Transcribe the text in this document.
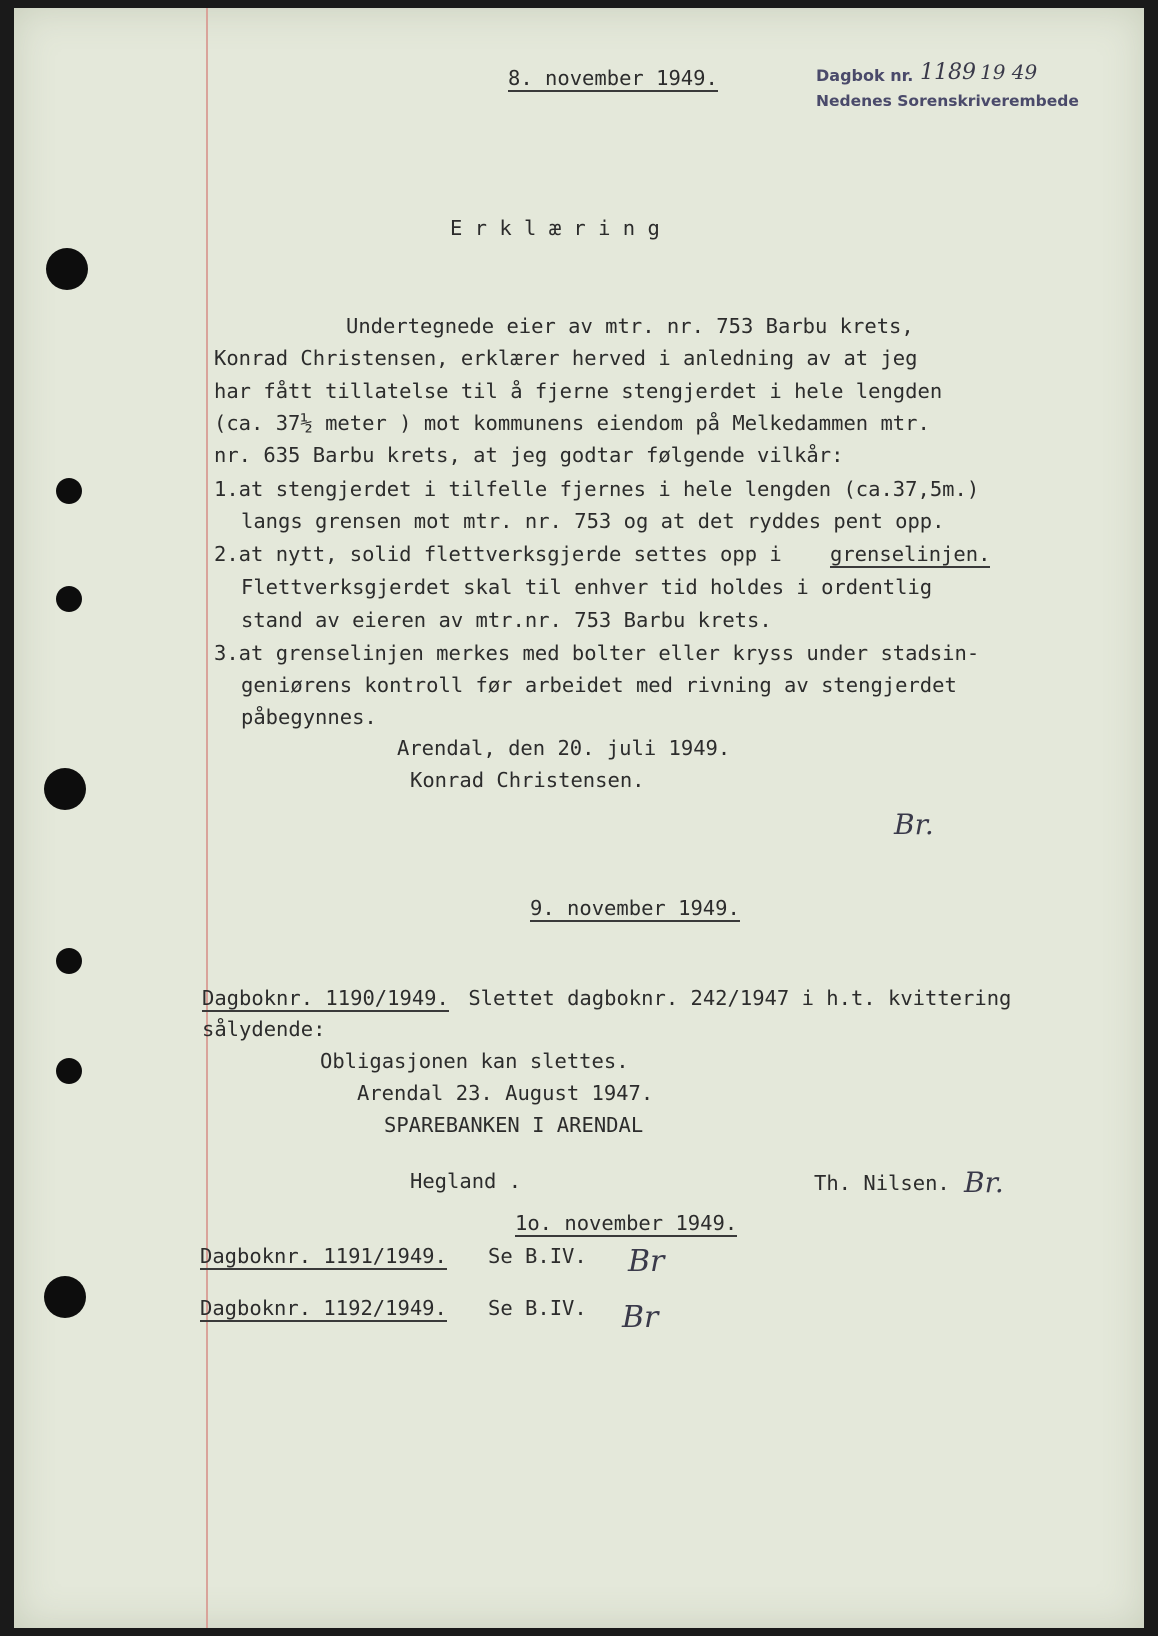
8. november 1949.	Dagbok nr. 1189 19 49
Nedenes Sorenskriverembede
E r k l æ r i n g
Undertegnede eier av mtr. nr. 753 Barbu krets,
Konrad Christensen, erklærer herved i anledning av at jeg
har fått tillatelse til å fjerne stengjerdet i hele lengden
(ca. 37½ meter ) mot kommunens eiendom på Melkedammen mtr.
nr. 635 Barbu krets, at jeg godtar følgende vilkår:
1.at stengjerdet i tilfelle fjernes i hele lengden (ca.37,5m.)
langs grensen mot mtr. nr. 753 og at det ryddes pent opp.
2.at nytt, solid flettverksgjerde settes opp i grenselinjen.
Flettverksgjerdet skal til enhver tid holdes i ordentlig
stand av eieren av mtr.nr. 753 Barbu krets.
3.at grenselinjen merkes med bolter eller kryss under stadsin-
geniørens kontroll før arbeidet med rivning av stengjerdet
påbegynnes.
Arendal, den 20. juli 1949.
Konrad Christensen.
Br.
9. november 1949.
Dagboknr. 1190/1949. Slettet dagboknr. 242/1947 i h.t. kvittering
sålydende:
Obligasjonen kan slettes.
Arendal 23. August 1947.
SPAREBANKEN I ARENDAL
Hegland .	Th. Nilsen. Br.
1o. november 1949.
Dagboknr. 1191/1949. Se B.IV. Br
Dagboknr. 1192/1949. Se B.IV. Br
